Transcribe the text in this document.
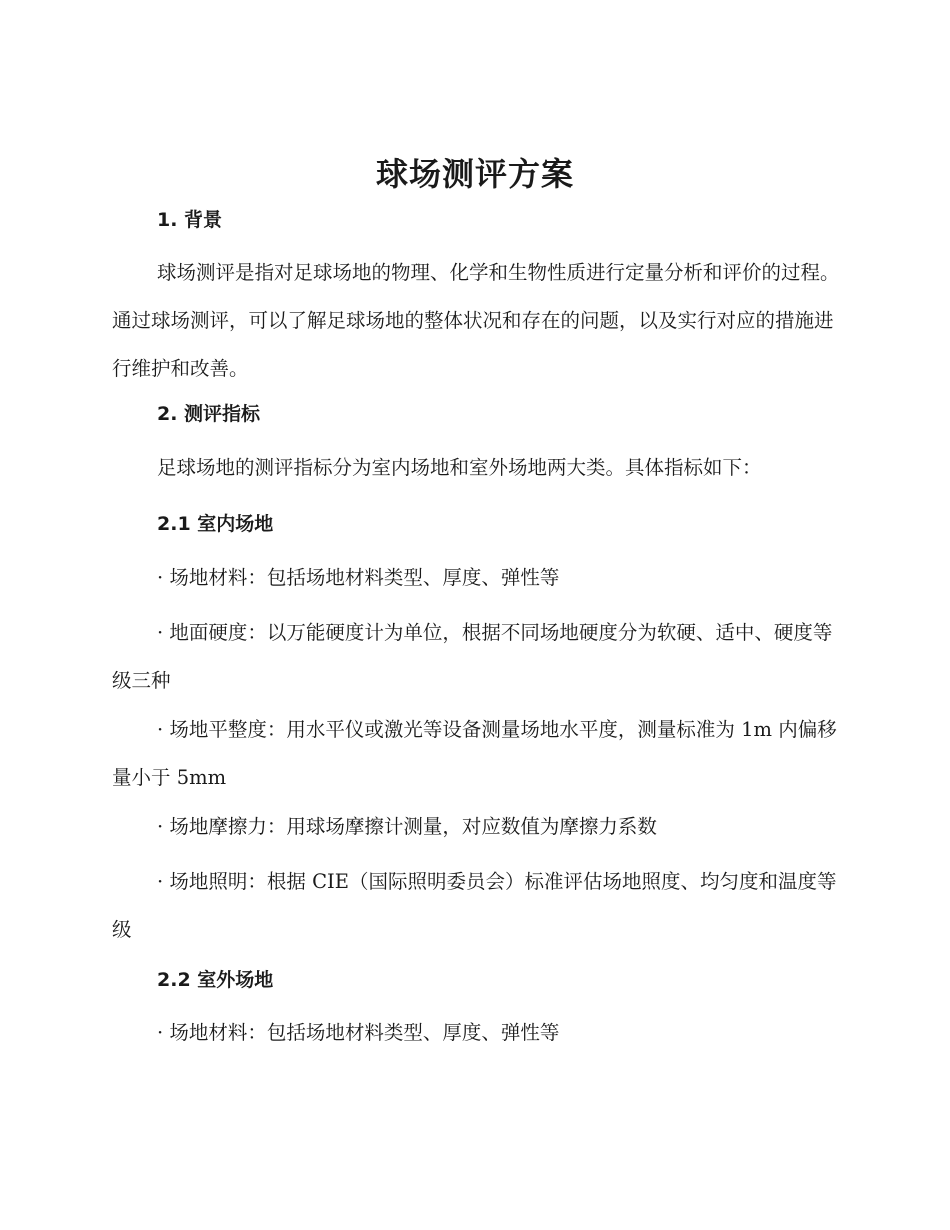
球场测评方案
1. 背景

球场测评是指对足球场地的物理、化学和生物性质进行定量分析和评价的过程。通过球场测评，可以了解足球场地的整体状况和存在的问题，以及实行对应的措施进行维护和改善。

2. 测评指标

足球场地的测评指标分为室内场地和室外场地两大类。具体指标如下：

2.1 室内场地

· 场地材料：包括场地材料类型、厚度、弹性等

· 地面硬度：以万能硬度计为单位，根据不同场地硬度分为软硬、适中、硬度等级三种

· 场地平整度：用水平仪或激光等设备测量场地水平度，测量标准为 1m 内偏移量小于 5mm

· 场地摩擦力：用球场摩擦计测量，对应数值为摩擦力系数

· 场地照明：根据 CIE（国际照明委员会）标准评估场地照度、均匀度和温度等级

2.2 室外场地

· 场地材料：包括场地材料类型、厚度、弹性等
